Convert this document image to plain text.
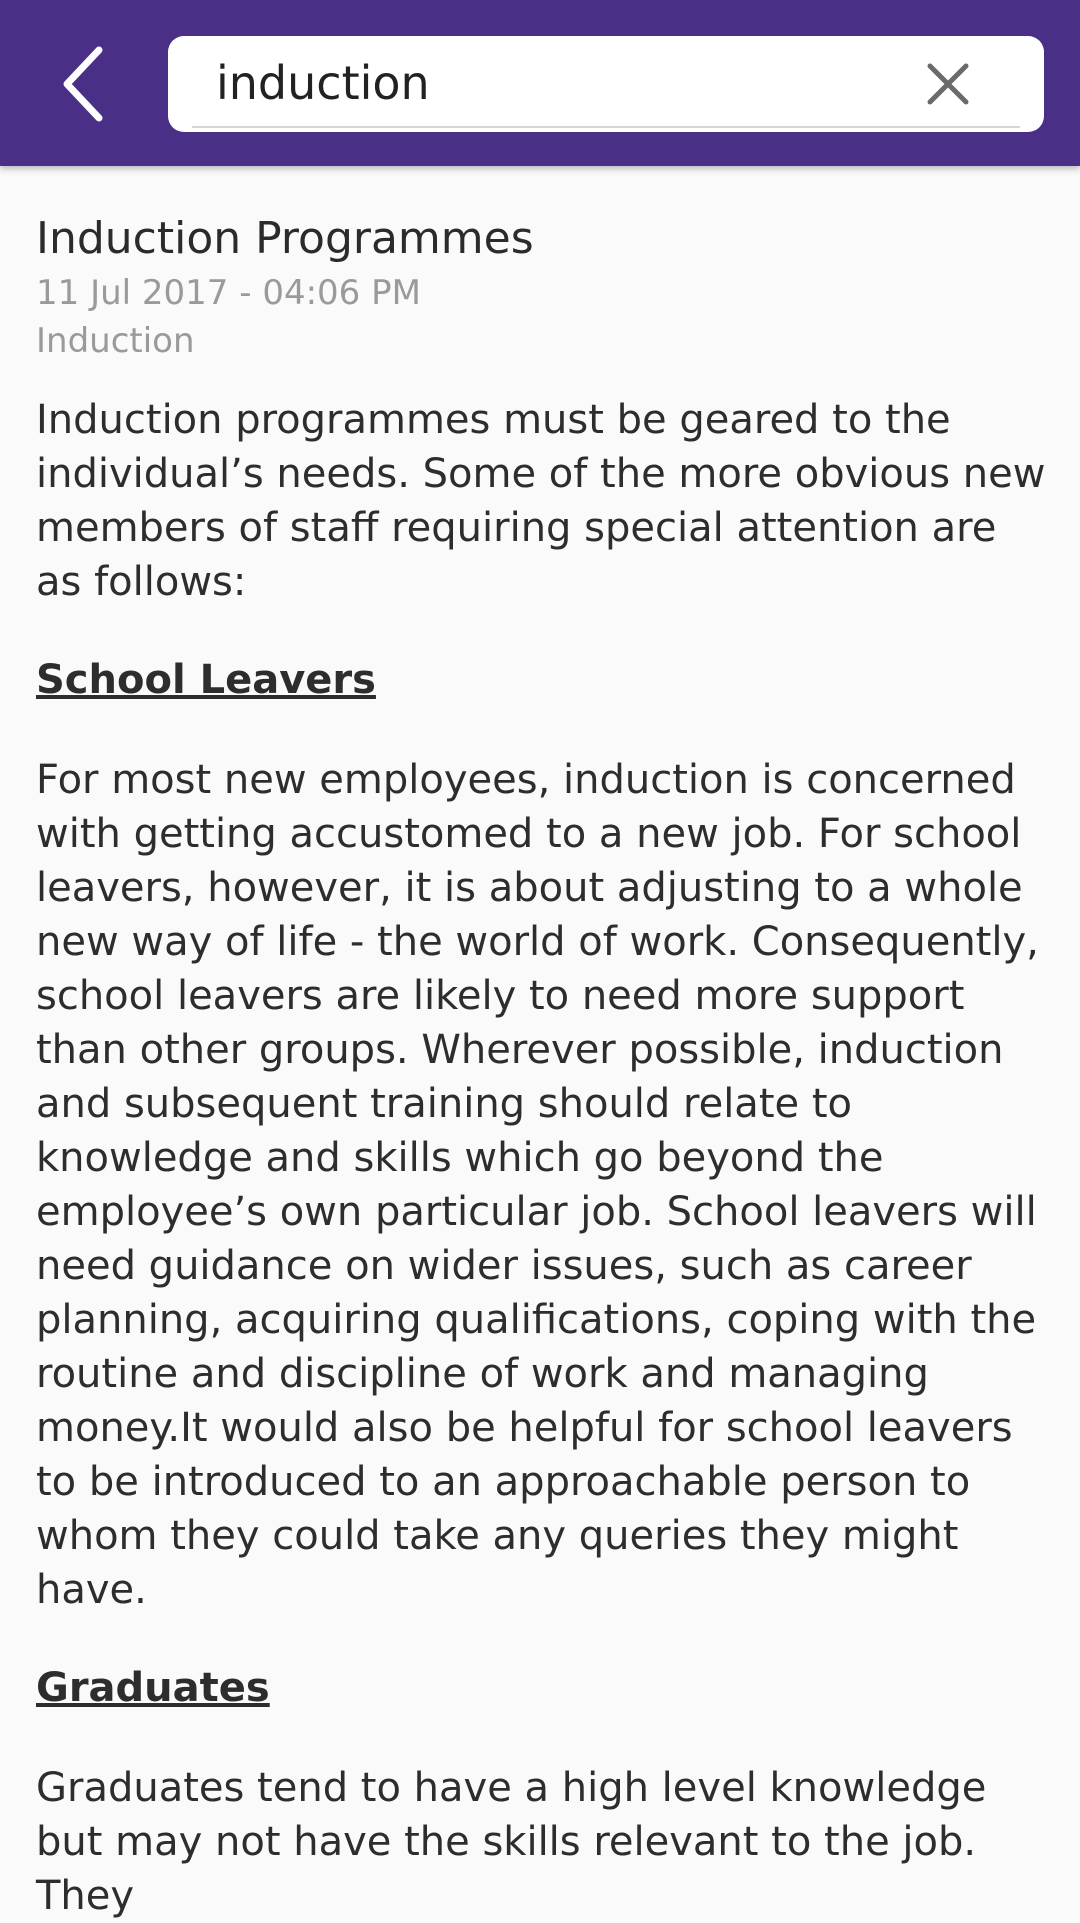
induction
Induction Programmes
11 Jul 2017 - 04:06 PM
Induction

Induction programmes must be geared to the individual’s needs. Some of the more obvious new members of staff requiring special attention are as follows:

School Leavers

For most new employees, induction is concerned with getting accustomed to a new job. For school leavers, however, it is about adjusting to a whole new way of life - the world of work. Consequently, school leavers are likely to need more support than other groups. Wherever possible, induction and subsequent training should relate to knowledge and skills which go beyond the employee’s own particular job. School leavers will need guidance on wider issues, such as career planning, acquiring qualifications, coping with the routine and discipline of work and managing money.It would also be helpful for school leavers to be introduced to an approachable person to whom they could take any queries they might have.

Graduates

Graduates tend to have a high level knowledge but may not have the skills relevant to the job. They
